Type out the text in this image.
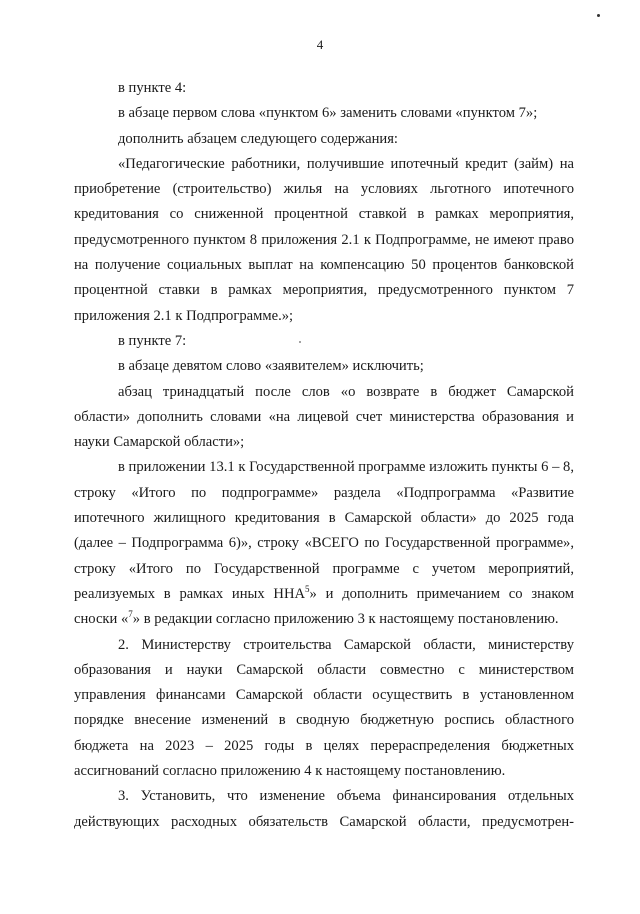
4

в пункте 4:

в абзаце первом слова «пунктом 6» заменить словами «пунктом 7»;

дополнить абзацем следующего содержания:

«Педагогические работники, получившие ипотечный кредит (займ) на приобретение (строительство) жилья на условиях льготного ипотечного кредитования со сниженной процентной ставкой в рамках мероприятия, предусмотренного пунктом 8 приложения 2.1 к Подпрограмме, не имеют право на получение социальных выплат на компенсацию 50 процентов банковской процентной ставки в рамках мероприятия, предусмотренного пунктом 7 приложения 2.1 к Подпрограмме.»;

в пункте 7:

в абзаце девятом слово «заявителем» исключить;

абзац тринадцатый после слов «о возврате в бюджет Самарской области» дополнить словами «на лицевой счет министерства образования и науки Самарской области»;

в приложении 13.1 к Государственной программе изложить пункты 6 – 8, строку «Итого по подпрограмме» раздела «Подпрограмма «Развитие ипотечного жилищного кредитования в Самарской области» до 2025 года (далее – Подпрограмма 6)», строку «ВСЕГО по Государственной программе», строку «Итого по Государственной программе с учетом мероприятий, реализуемых в рамках иных ННА$^5$» и дополнить примечанием со знаком сноски «$^7$» в редакции согласно приложению 3 к настоящему постановлению.

2. Министерству строительства Самарской области, министерству образования и науки Самарской области совместно с министерством управления финансами Самарской области осуществить в установленном порядке внесение изменений в сводную бюджетную роспись областного бюджета на 2023 – 2025 годы в целях перераспределения бюджетных ассигнований согласно приложению 4 к настоящему постановлению.

3. Установить, что изменение объема финансирования отдельных действующих расходных обязательств Самарской области, предусмотрен-
